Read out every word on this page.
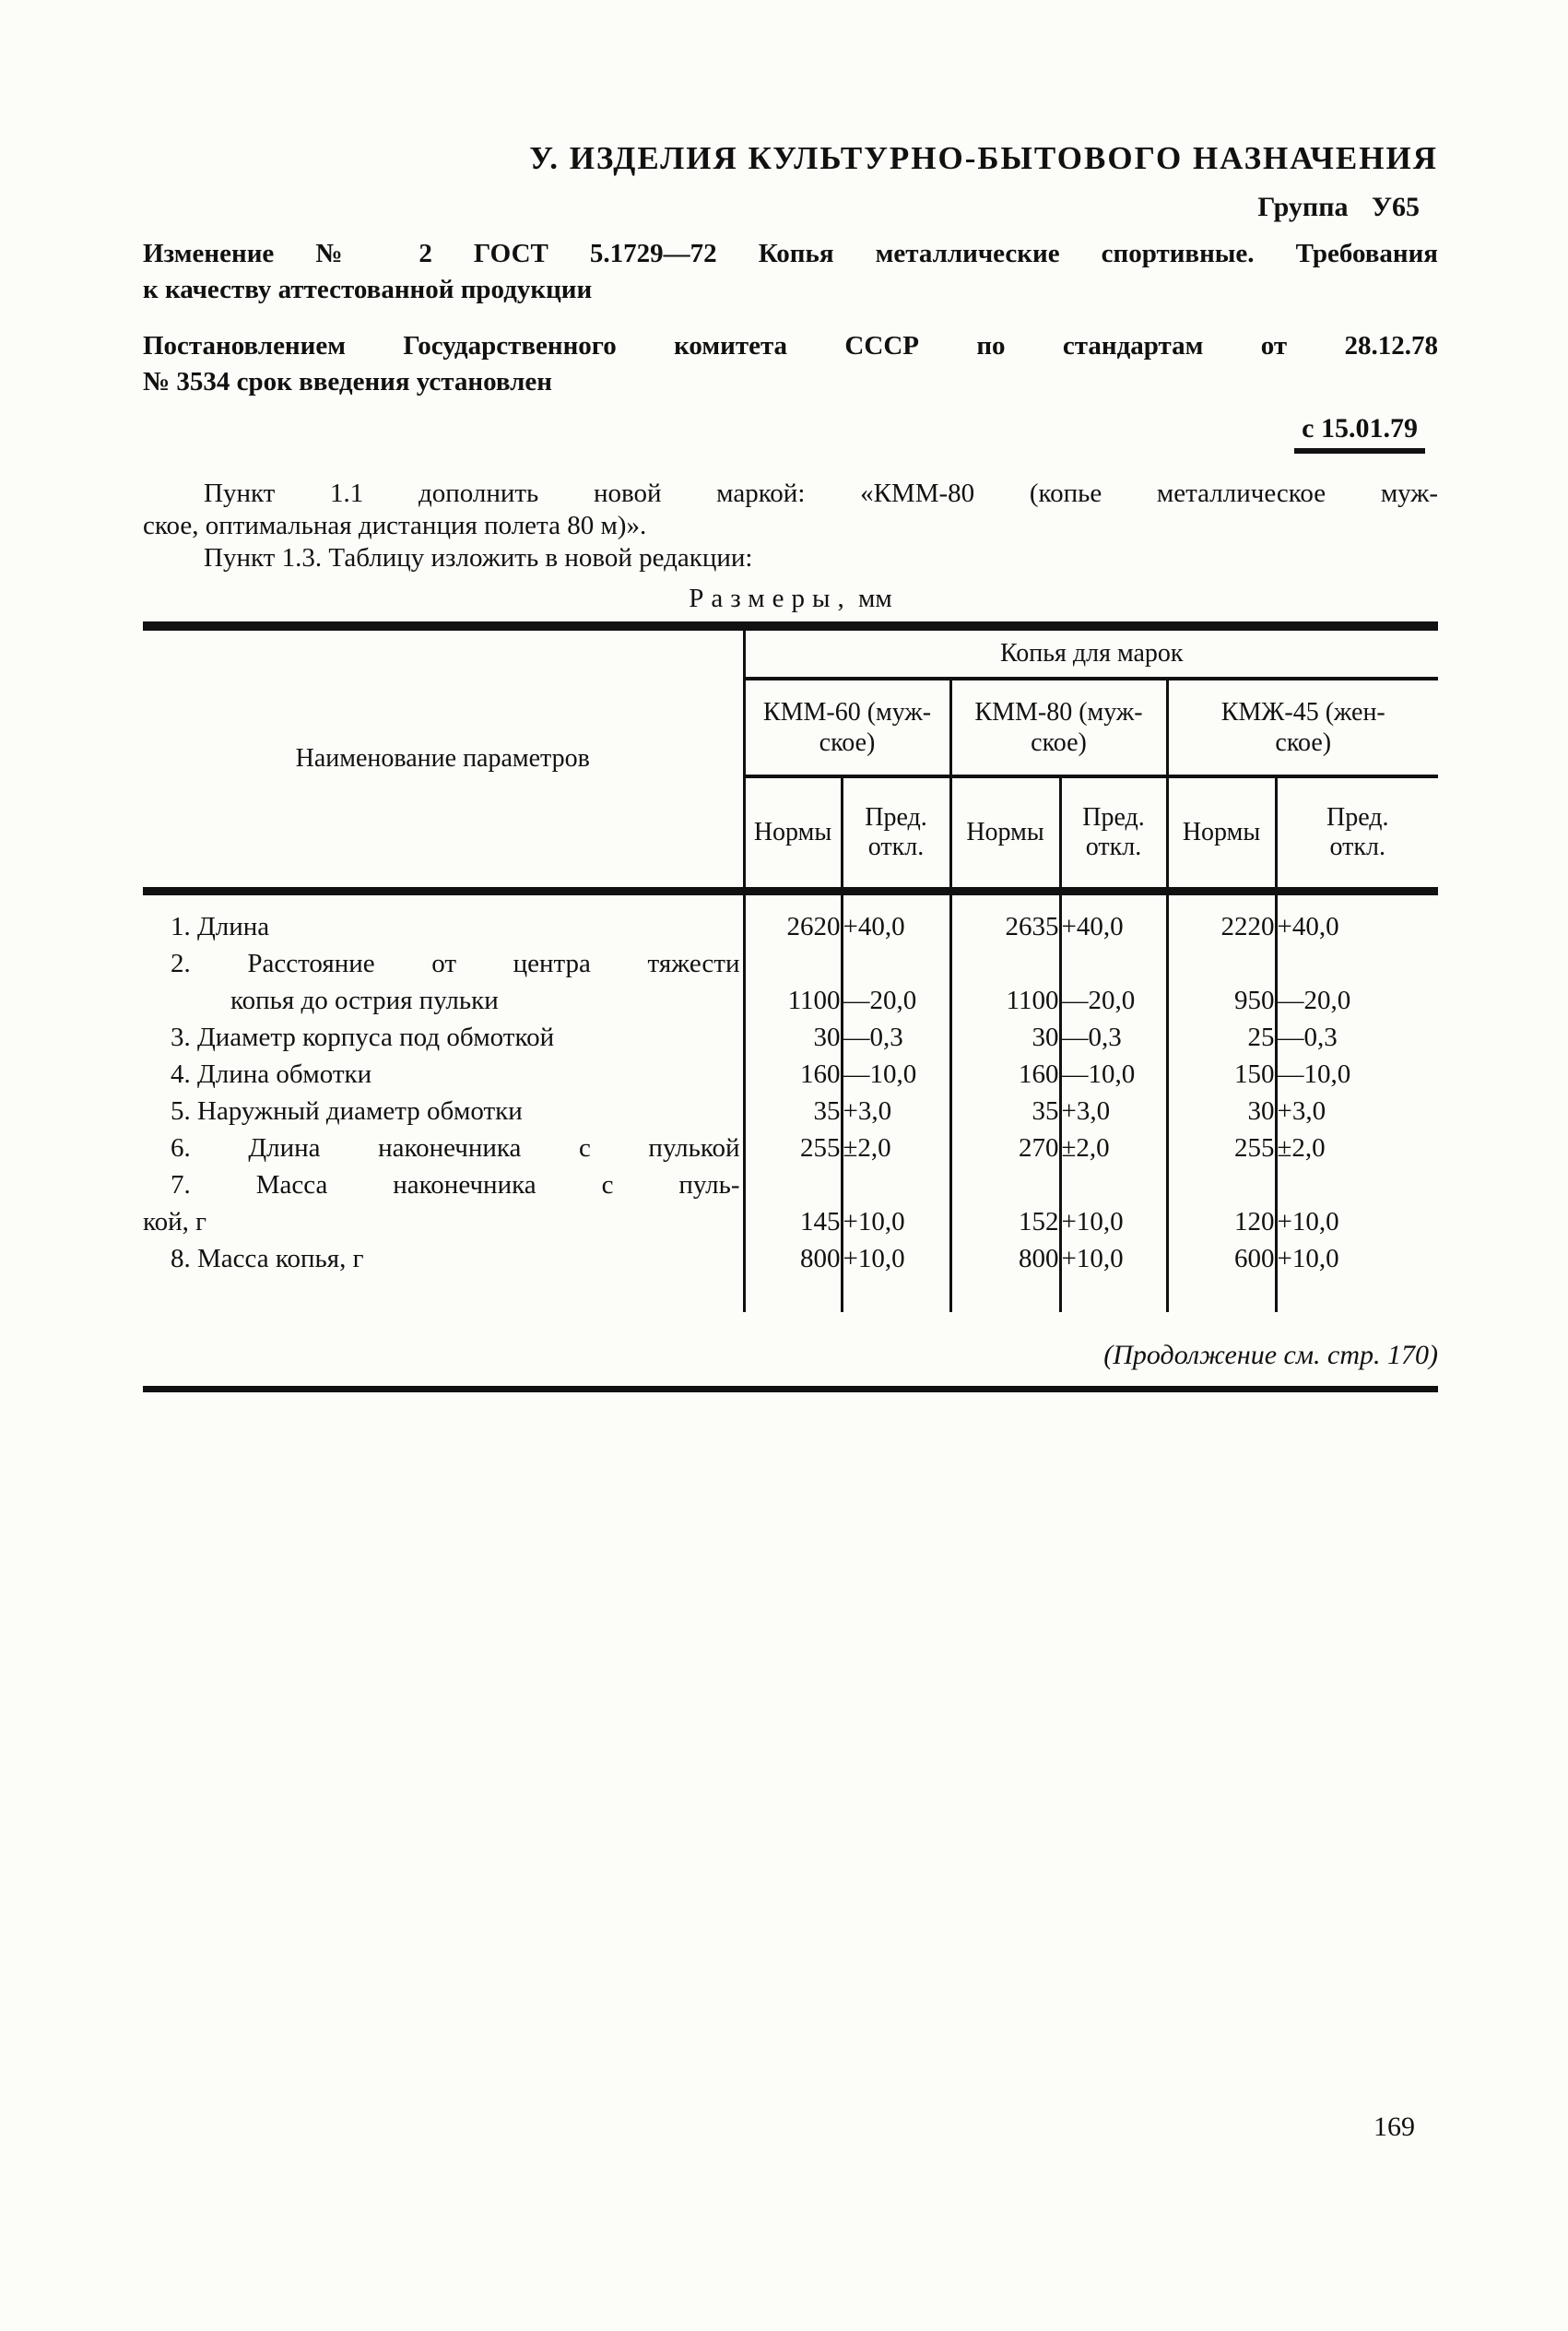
У. ИЗДЕЛИЯ КУЛЬТУРНО-БЫТОВОГО НАЗНАЧЕНИЯ
Группа У65

Изменение № 2 ГОСТ 5.1729—72 Копья металлические спортивные. Требования
к качеству аттестованной продукции

Постановлением Государственного комитета СССР по стандартам от 28.12.78
№ 3534 срок введения установлен

с 15.01.79

Пункт 1.1 дополнить новой маркой: «КММ-80 (копье металлическое муж-
ское, оптимальная дистанция полета 80 м)».

Пункт 1.3. Таблицу изложить в новой редакции:

Размеры, мм
Наименование параметров	Копья для марок					

	КММ-60 (муж-
ское)		КММ-80 (муж-
ское)		КМЖ-45 (жен-
ское)	

	Нормы	Пред.
откл.	Нормы	Пред.
откл.	Нормы	Пред.
откл.

1. Длина	2620	+40,0	2635	+40,0	2220	+40,0

2. Расстояние от центра тяжести
копья до острия пульки	1100	—20,0	1100	—20,0	950	—20,0

3. Диаметр корпуса под обмоткой	30	—0,3	30	—0,3	25	—0,3

4. Длина обмотки	160	—10,0	160	—10,0	150	—10,0

5. Наружный диаметр обмотки	35	+3,0	35	+3,0	30	+3,0

6. Длина наконечника с пулькой	255	±2,0	270	±2,0	255	±2,0

7. Масса наконечника с пуль-
кой, г	145	+10,0	152	+10,0	120	+10,0

8. Масса копья, г	800	+10,0	800	+10,0	600	+10,0
(Продолжение см. стр. 170)
169
